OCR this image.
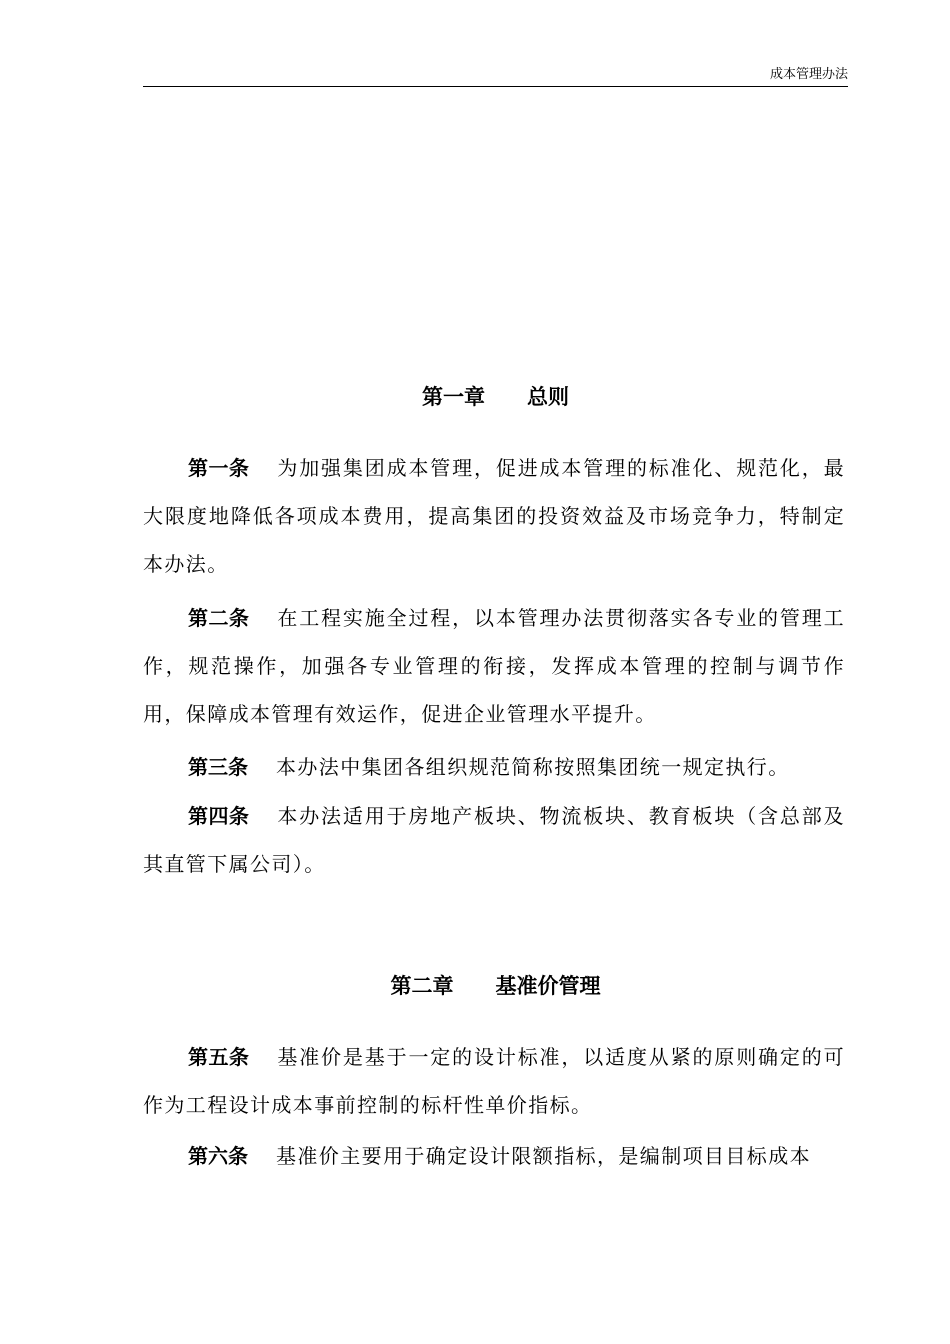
成本管理办法
第一章 总则
第一条 为加强集团成本管理，促进成本管理的标准化、规范化，最大限度地降低各项成本费用，提高集团的投资效益及市场竞争力，特制定本办法。
第二条 在工程实施全过程，以本管理办法贯彻落实各专业的管理工作，规范操作，加强各专业管理的衔接，发挥成本管理的控制与调节作用，保障成本管理有效运作，促进企业管理水平提升。
第三条 本办法中集团各组织规范简称按照集团统一规定执行。
第四条 本办法适用于房地产板块、物流板块、教育板块（含总部及其直管下属公司）。
第二章 基准价管理
第五条 基准价是基于一定的设计标准，以适度从紧的原则确定的可作为工程设计成本事前控制的标杆性单价指标。
第六条 基准价主要用于确定设计限额指标，是编制项目目标成本
